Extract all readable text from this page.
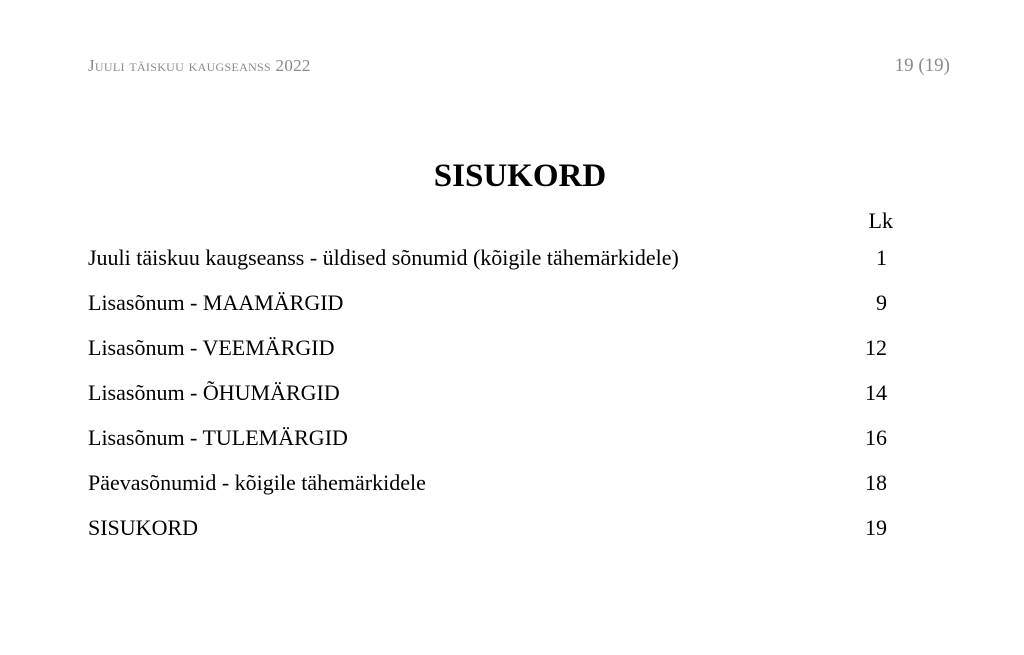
Juuli täiskuu kaugseanss 2022	19 (19)
SISUKORD
Lk
Juuli täiskuu kaugseanss - üldised sõnumid (kõigile tähemärkidele)	1
Lisasõnum - MAAMÄRGID	9
Lisasõnum - VEEMÄRGID	12
Lisasõnum - ÕHUMÄRGID	14
Lisasõnum - TULEMÄRGID	16
Päevasõnumid - kõigile tähemärkidele	18
SISUKORD	19
